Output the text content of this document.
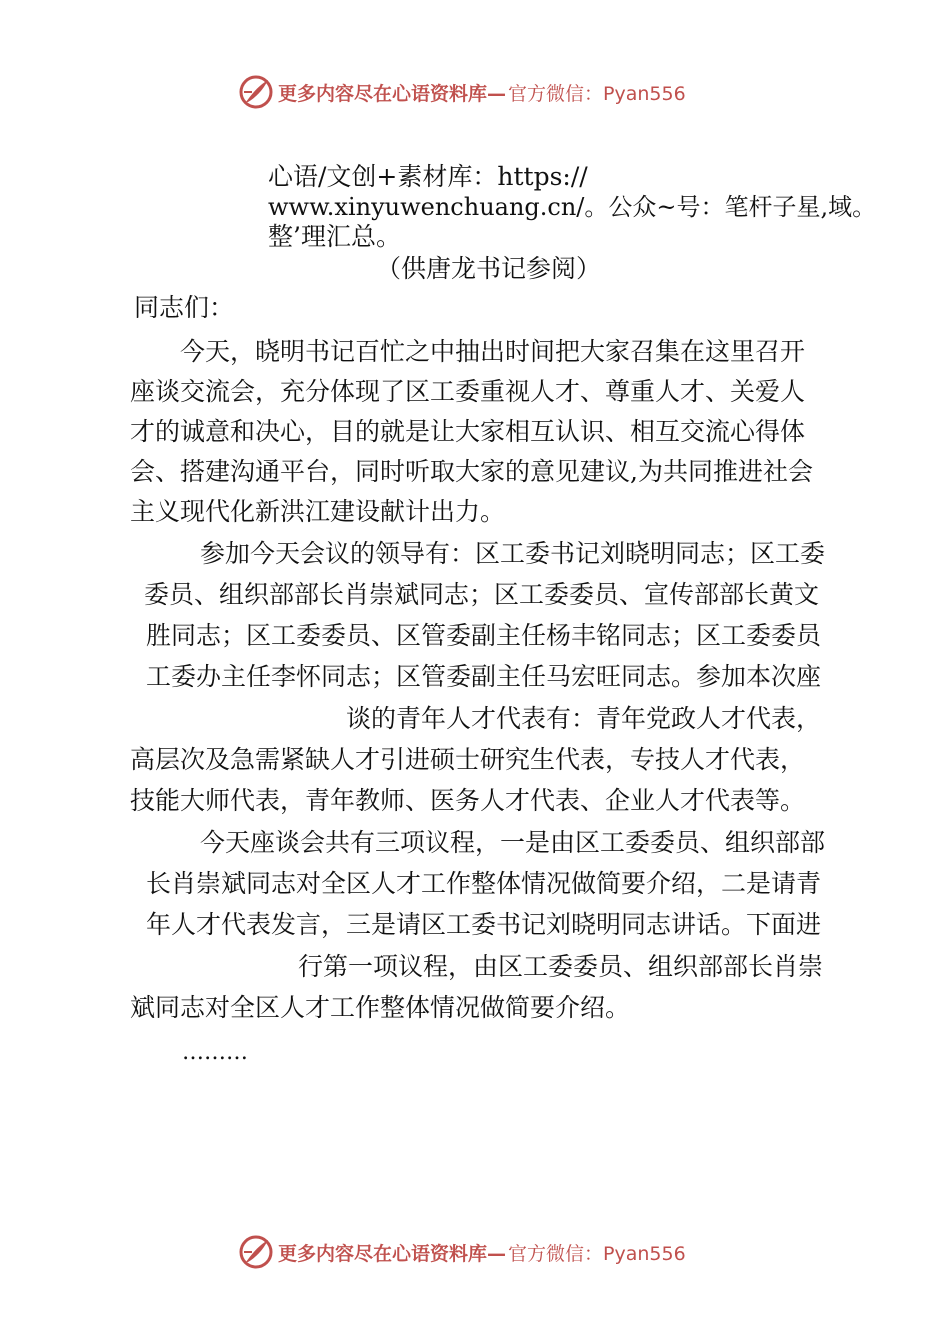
更多内容尽在心语资料库— 官方微信：Pyan556
心语/文创+素材库：https://
www.xinyuwenchuang.cn/。公众~号：笔杆子星,域。
整’理汇总。
（供唐龙书记参阅）
同志们：
今天，晓明书记百忙之中抽出时间把大家召集在这里召开
座谈交流会，充分体现了区工委重视人才、尊重人才、关爱人
才的诚意和决心，目的就是让大家相互认识、相互交流心得体
会、搭建沟通平台，同时听取大家的意见建议,为共同推进社会
主义现代化新洪江建设献计出力。
参加今天会议的领导有：区工委书记刘晓明同志；区工委
委员、组织部部长肖崇斌同志；区工委委员、宣传部部长黄文
胜同志；区工委委员、区管委副主任杨丰铭同志；区工委委员
工委办主任李怀同志；区管委副主任马宏旺同志。参加本次座
谈的青年人才代表有：青年党政人才代表，
高层次及急需紧缺人才引进硕士研究生代表，专技人才代表，
技能大师代表，青年教师、医务人才代表、企业人才代表等。
今天座谈会共有三项议程，一是由区工委委员、组织部部
长肖崇斌同志对全区人才工作整体情况做简要介绍，二是请青
年人才代表发言，三是请区工委书记刘晓明同志讲话。下面进
行第一项议程，由区工委委员、组织部部长肖崇
斌同志对全区人才工作整体情况做简要介绍。
………
更多内容尽在心语资料库— 官方微信：Pyan556
